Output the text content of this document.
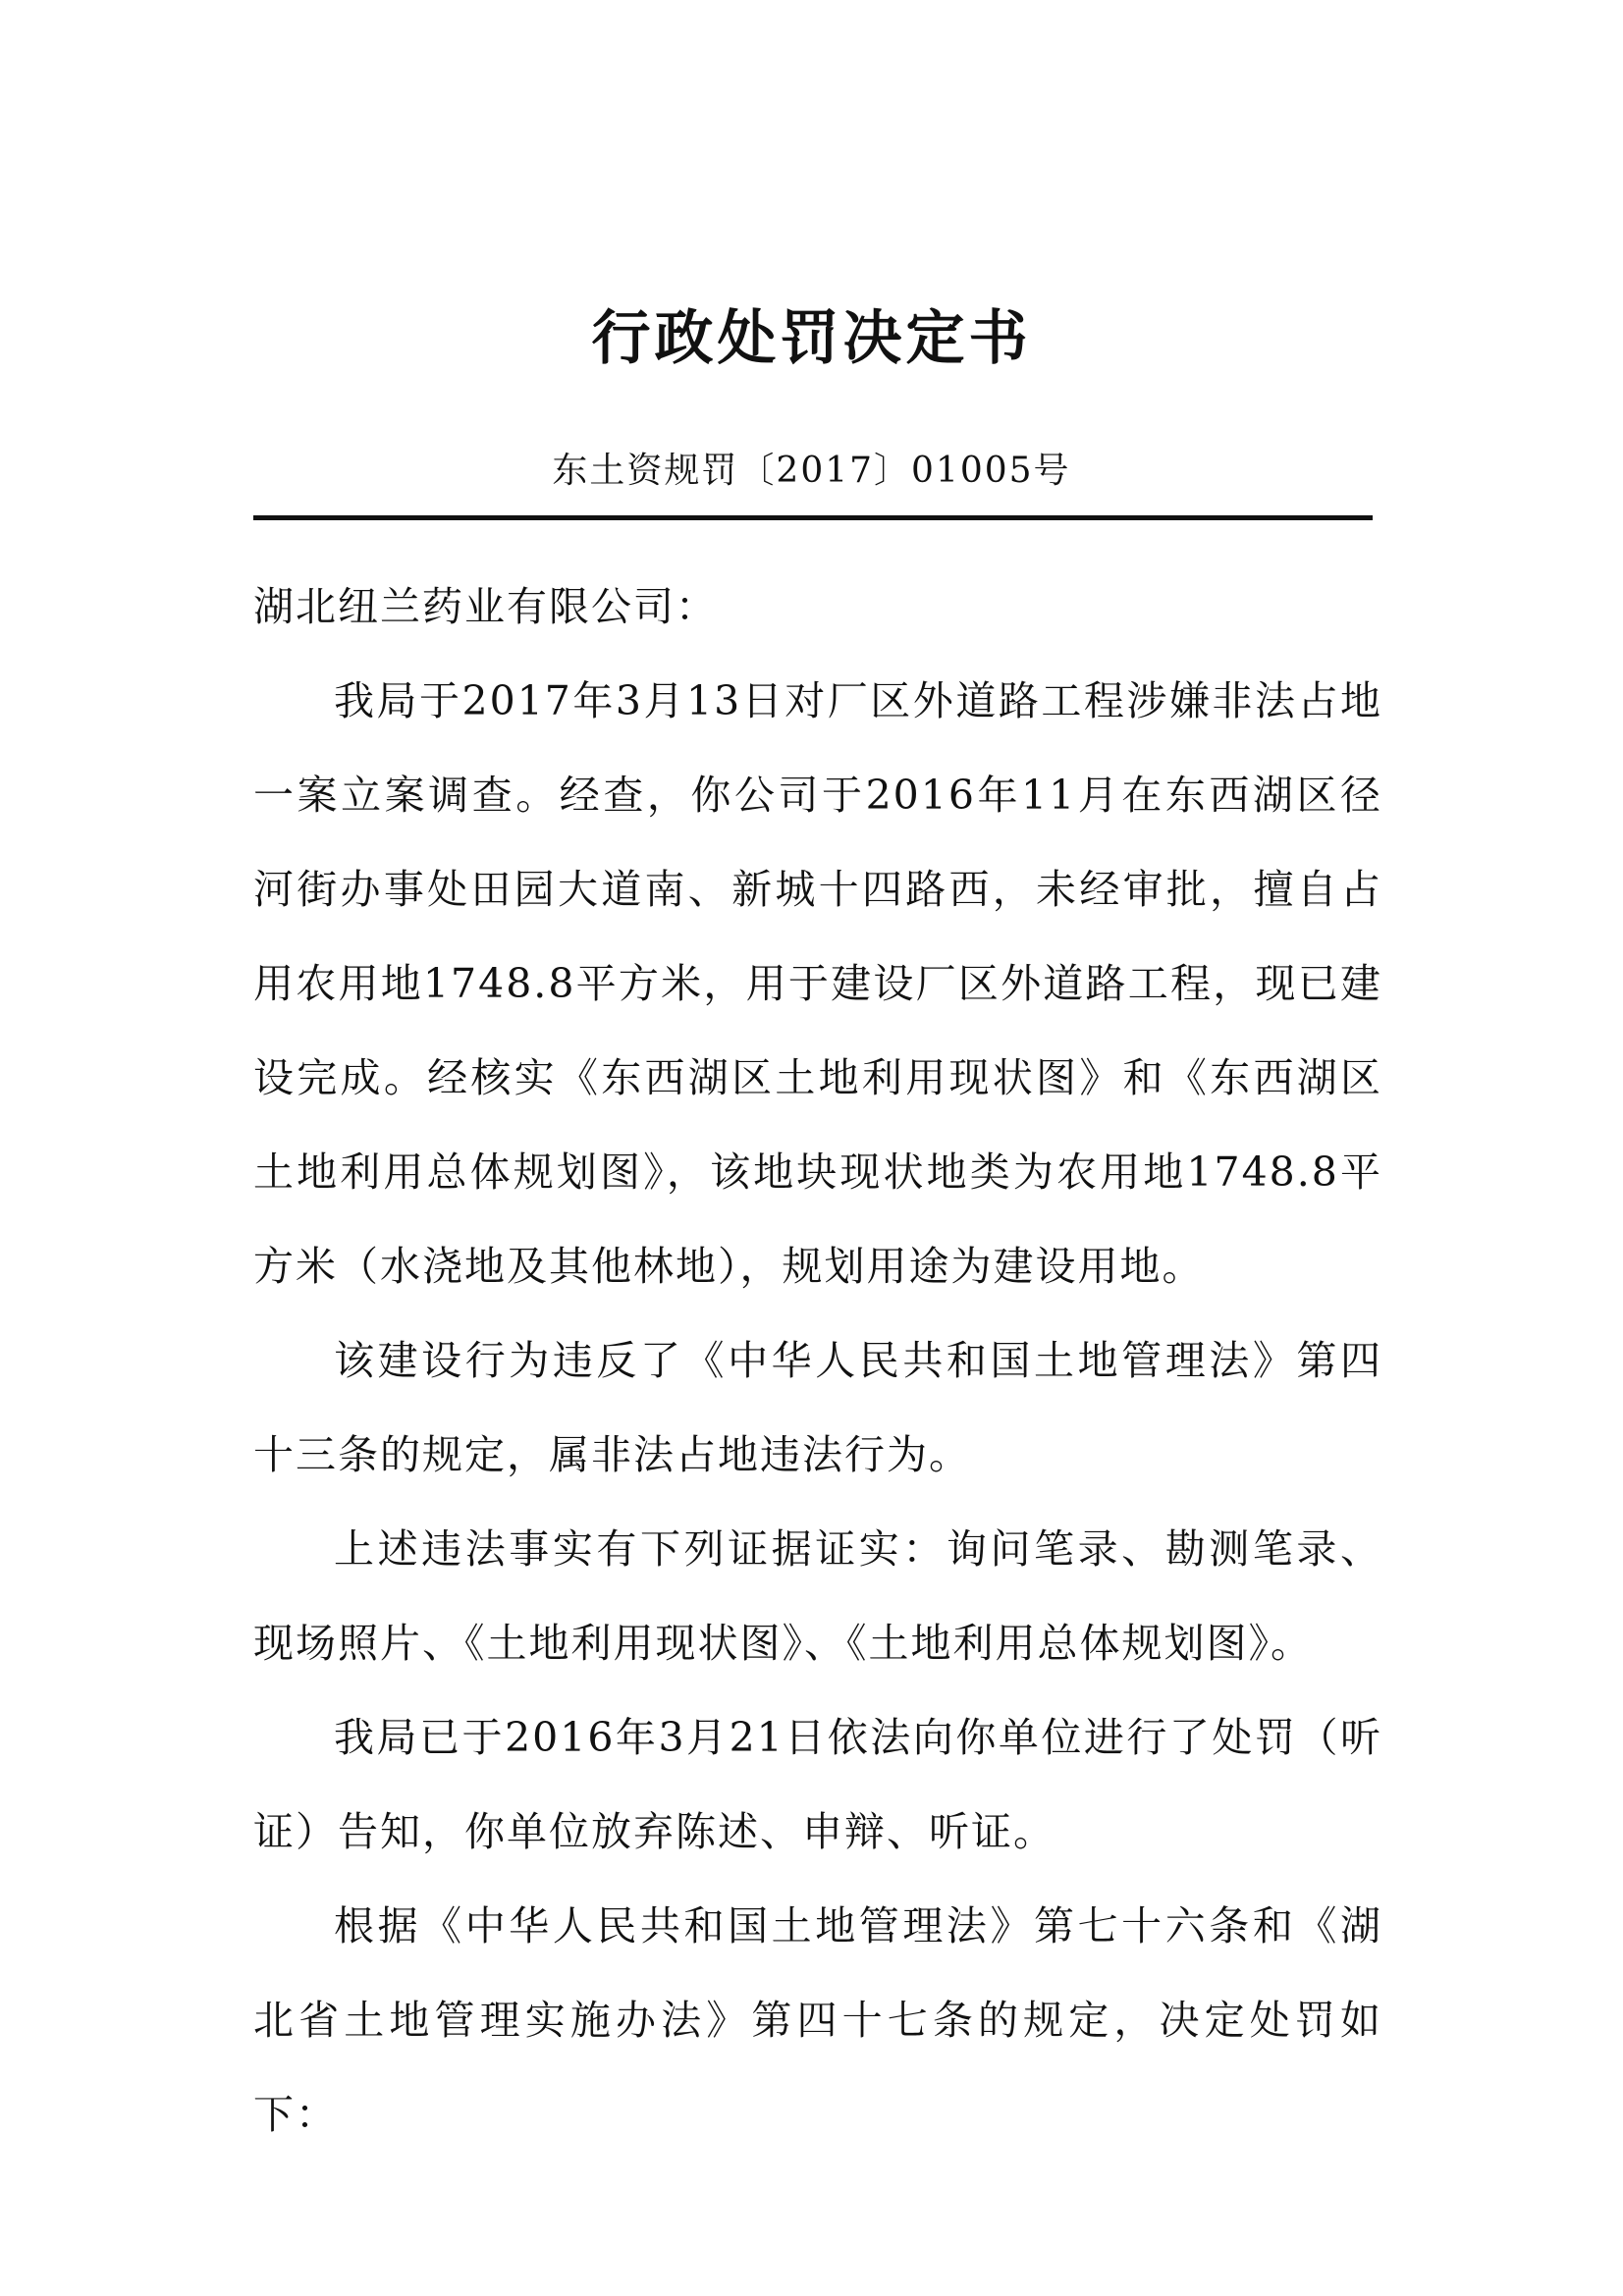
行政处罚决定书
东土资规罚〔2017〕01005号

湖北纽兰药业有限公司：

我局于2017年3月13日对厂区外道路工程涉嫌非法占地一案立案调查。经查，你公司于2016年11月在东西湖区径河街办事处田园大道南、新城十四路西，未经审批，擅自占用农用地1748.8平方米，用于建设厂区外道路工程，现已建设完成。经核实《东西湖区土地利用现状图》和《东西湖区土地利用总体规划图》，该地块现状地类为农用地1748.8平方米（水浇地及其他林地），规划用途为建设用地。

该建设行为违反了《中华人民共和国土地管理法》第四十三条的规定，属非法占地违法行为。

上述违法事实有下列证据证实：询问笔录、勘测笔录、现场照片、《土地利用现状图》、《土地利用总体规划图》。

我局已于2016年3月21日依法向你单位进行了处罚（听证）告知，你单位放弃陈述、申辩、听证。

根据《中华人民共和国土地管理法》第七十六条和《湖北省土地管理实施办法》第四十七条的规定，决定处罚如下：
